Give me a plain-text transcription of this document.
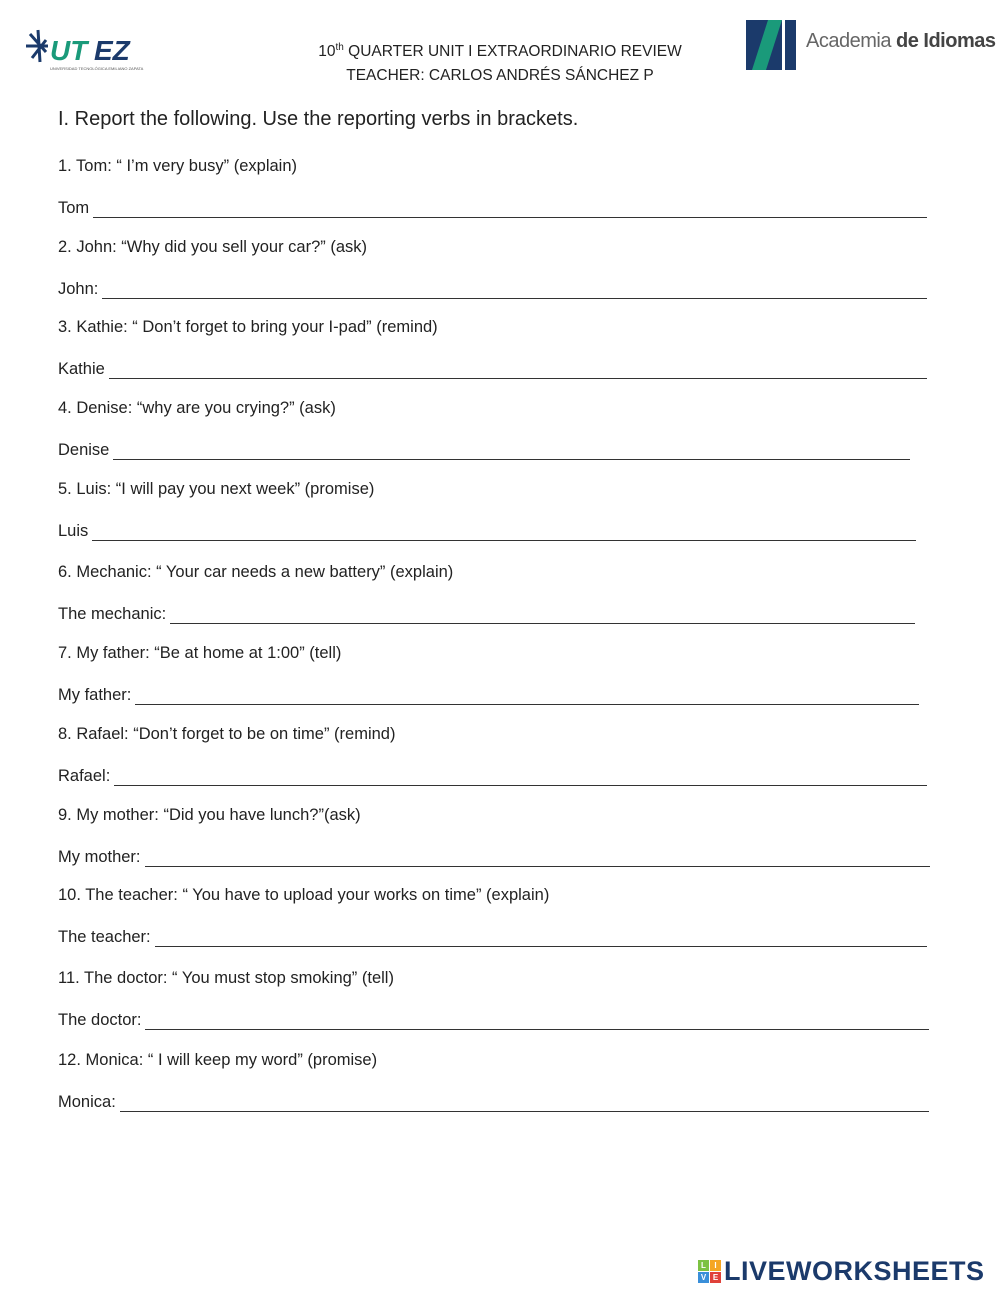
UT EZ
UNIVERSIDAD TECNOLÓGICA EMILIANO ZAPATA
10th QUARTER UNIT I EXTRAORDINARIO REVIEW
TEACHER: CARLOS ANDRÉS SÁNCHEZ P
Academia de Idiomas
I. Report the following. Use the reporting verbs in brackets.
1. Tom: “ I’m very busy” (explain)
Tom
2. John: “Why did you sell your car?” (ask)
John:
3. Kathie: “ Don’t forget to bring your I-pad” (remind)
Kathie
4. Denise: “why are you crying?” (ask)
Denise
5. Luis: “I will pay you next week” (promise)
Luis
6. Mechanic: “ Your car needs a new battery” (explain)
The mechanic:
7. My father: “Be at home at 1:00” (tell)
My father:
8. Rafael: “Don’t forget to be on time” (remind)
Rafael:
9. My mother: “Did you have lunch?”(ask)
My mother:
10. The teacher: “ You have to upload your works on time” (explain)
The teacher:
11. The doctor: “ You must stop smoking” (tell)
The doctor:
12. Monica: “ I will keep my word” (promise)
Monica:
L	I
V E LIVEWORKSHEETS
